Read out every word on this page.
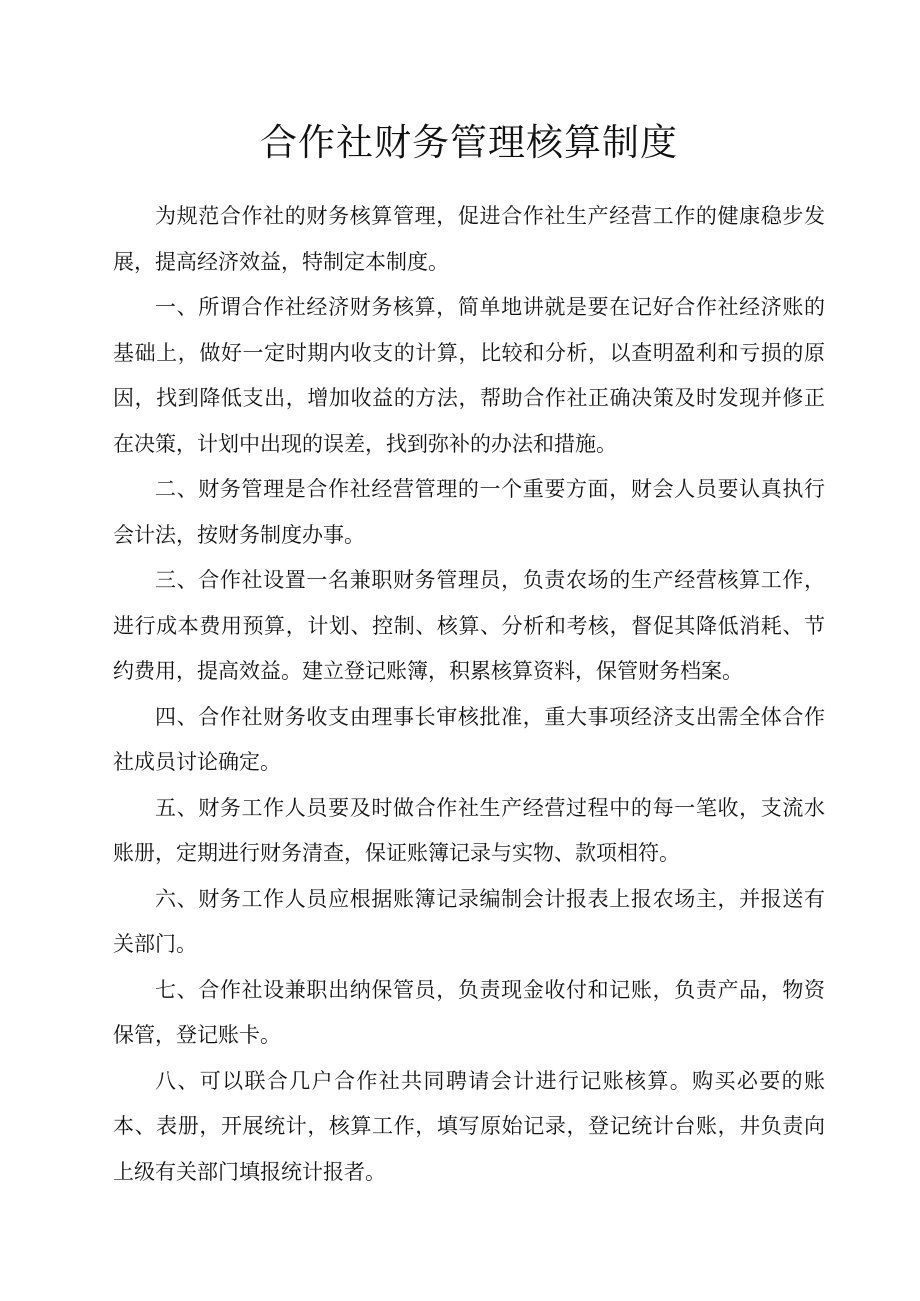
合作社财务管理核算制度

为规范合作社的财务核算管理，促进合作社生产经营工作的健康稳步发展，提高经济效益，特制定本制度。

一、所谓合作社经济财务核算，简单地讲就是要在记好合作社经济账的基础上，做好一定时期内收支的计算，比较和分析，以查明盈利和亏损的原因，找到降低支出，增加收益的方法，帮助合作社正确决策及时发现并修正在决策，计划中出现的误差，找到弥补的办法和措施。

二、财务管理是合作社经营管理的一个重要方面，财会人员要认真执行会计法，按财务制度办事。

三、合作社设置一名兼职财务管理员，负责农场的生产经营核算工作，进行成本费用预算，计划、控制、核算、分析和考核，督促其降低消耗、节约费用，提高效益。建立登记账簿，积累核算资料，保管财务档案。

四、合作社财务收支由理事长审核批准，重大事项经济支出需全体合作社成员讨论确定。

五、财务工作人员要及时做合作社生产经营过程中的每一笔收，支流水账册，定期进行财务清查，保证账簿记录与实物、款项相符。

六、财务工作人员应根据账簿记录编制会计报表上报农场主，并报送有关部门。

七、合作社设兼职出纳保管员，负责现金收付和记账，负责产品，物资保管，登记账卡。

八、可以联合几户合作社共同聘请会计进行记账核算。购买必要的账本、表册，开展统计，核算工作，填写原始记录，登记统计台账，井负责向上级有关部门填报统计报者。
